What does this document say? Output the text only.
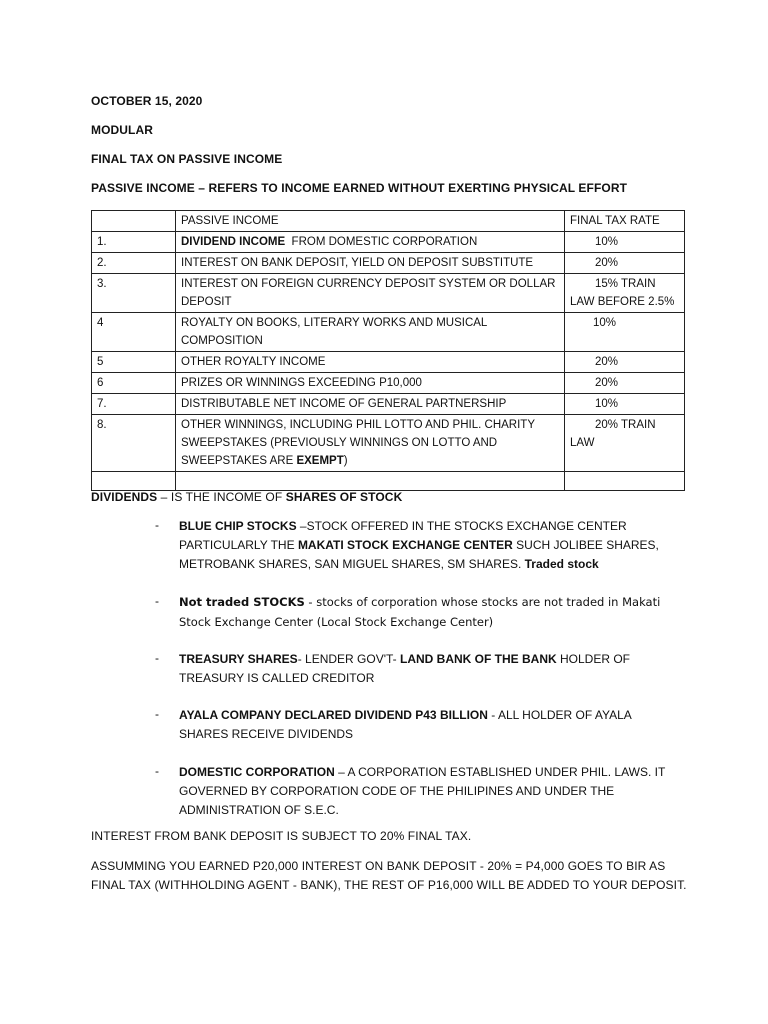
OCTOBER 15, 2020
MODULAR
FINAL TAX ON PASSIVE INCOME
PASSIVE INCOME – REFERS TO INCOME EARNED WITHOUT EXERTING PHYSICAL EFFORT
	PASSIVE INCOME	FINAL TAX RATE
1.	DIVIDEND INCOME  FROM DOMESTIC CORPORATION	10%
2.	INTEREST ON BANK DEPOSIT, YIELD ON DEPOSIT SUBSTITUTE	20%
3.	INTEREST ON FOREIGN CURRENCY DEPOSIT SYSTEM OR DOLLAR DEPOSIT	15% TRAIN
LAW BEFORE 2.5%
4	ROYALTY ON BOOKS, LITERARY WORKS AND MUSICAL COMPOSITION	10%
5	OTHER ROYALTY INCOME	20%
6	PRIZES OR WINNINGS EXCEEDING P10,000	20%
7.	DISTRIBUTABLE NET INCOME OF GENERAL PARTNERSHIP	10%
8.	OTHER WINNINGS, INCLUDING PHIL LOTTO AND PHIL. CHARITY SWEEPSTAKES (PREVIOUSLY WINNINGS ON LOTTO AND SWEEPSTAKES ARE EXEMPT)	20% TRAIN
LAW

DIVIDENDS – IS THE INCOME OF SHARES OF STOCK
- BLUE CHIP STOCKS –STOCK OFFERED IN THE STOCKS EXCHANGE CENTER PARTICULARLY THE MAKATI STOCK EXCHANGE CENTER SUCH JOLIBEE SHARES, METROBANK SHARES, SAN MIGUEL SHARES, SM SHARES. Traded stock
- Not traded STOCKS - stocks of corporation whose stocks are not traded in Makati Stock Exchange Center (Local Stock Exchange Center)
- TREASURY SHARES- LENDER GOV'T- LAND BANK OF THE BANK HOLDER OF TREASURY IS CALLED CREDITOR
- AYALA COMPANY DECLARED DIVIDEND P43 BILLION - ALL HOLDER OF AYALA SHARES RECEIVE DIVIDENDS
- DOMESTIC CORPORATION – A CORPORATION ESTABLISHED UNDER PHIL. LAWS. IT GOVERNED BY CORPORATION CODE OF THE PHILIPINES AND UNDER THE ADMINISTRATION OF S.E.C.
INTEREST FROM BANK DEPOSIT IS SUBJECT TO 20% FINAL TAX.
ASSUMMING YOU EARNED P20,000 INTEREST ON BANK DEPOSIT - 20% = P4,000 GOES TO BIR AS FINAL TAX (WITHHOLDING AGENT - BANK), THE REST OF P16,000 WILL BE ADDED TO YOUR DEPOSIT.
